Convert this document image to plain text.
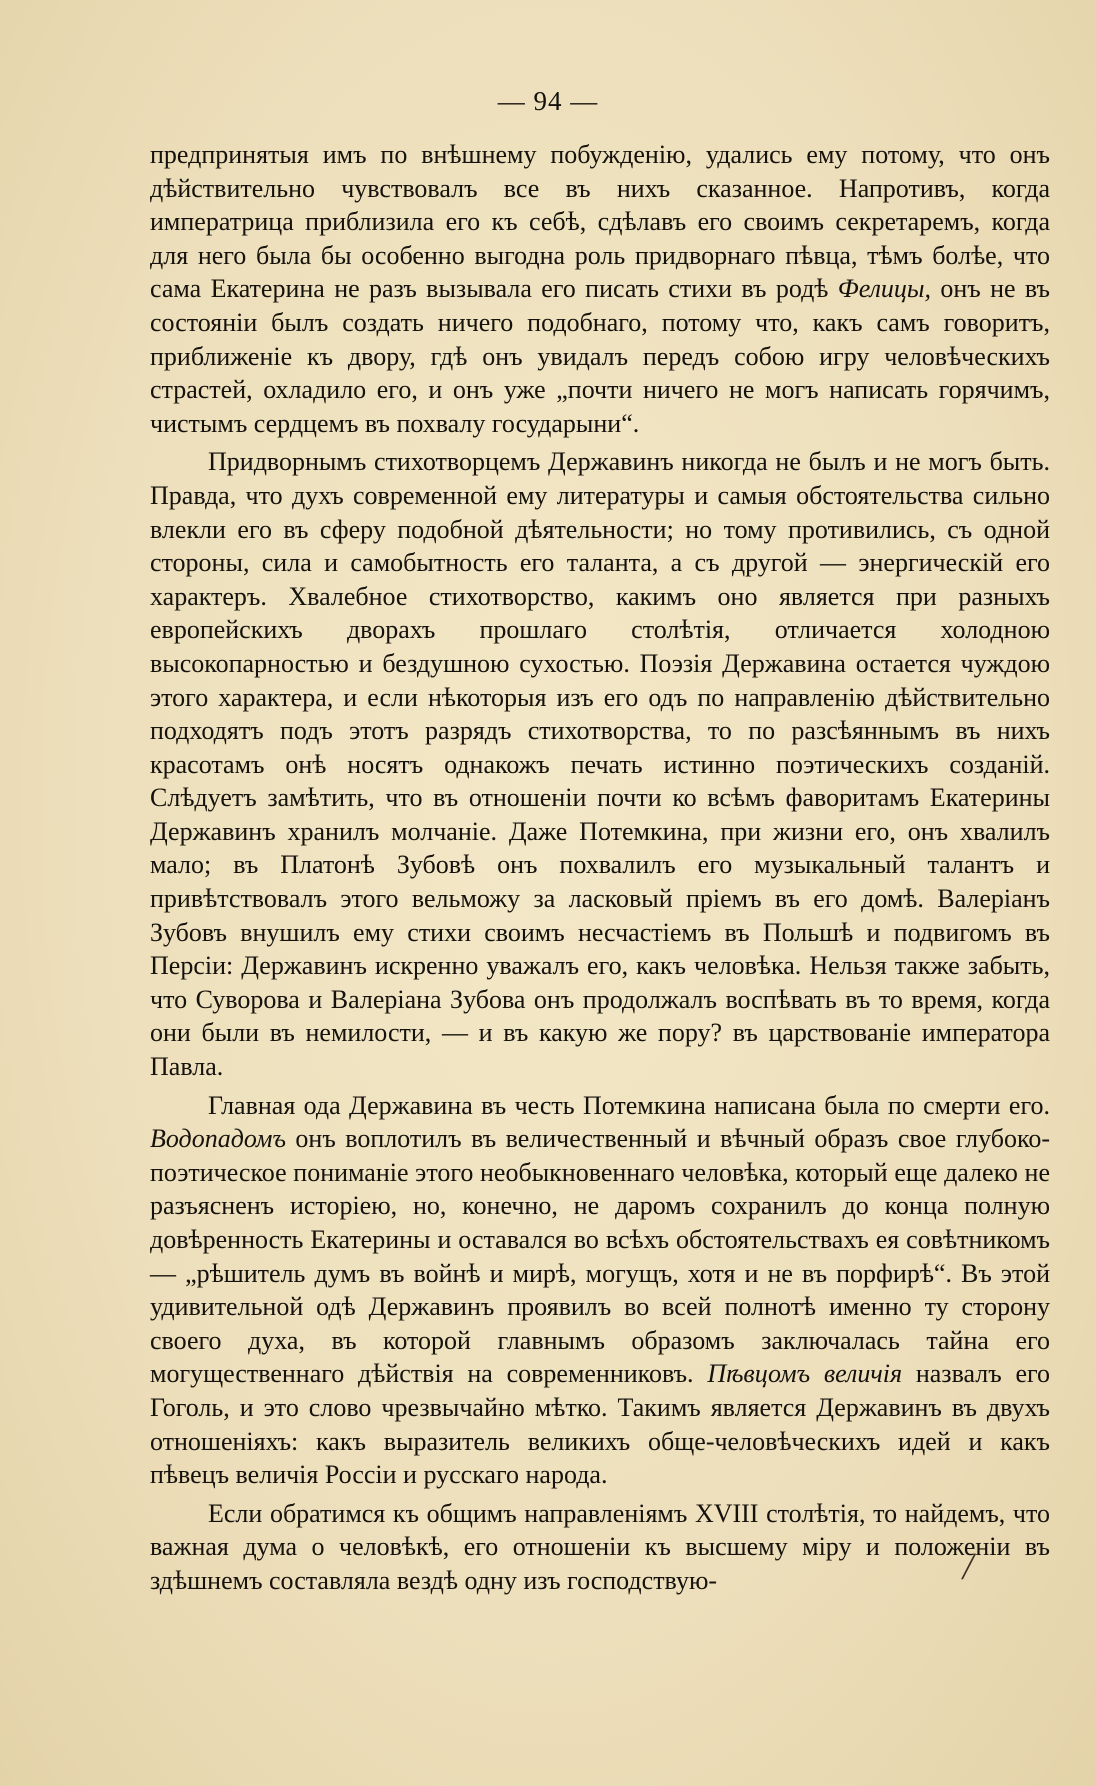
— 94 —

предпринятыя имъ по внѣшнему побужденію, удались ему потому, что онъ дѣйствительно чувствовалъ все въ нихъ сказанное. Напротивъ, когда императрица приблизила его къ себѣ, сдѣлавъ его своимъ секретаремъ, когда для него была бы особенно выгодна роль придворнаго пѣвца, тѣмъ болѣе, что сама Екатерина не разъ вызывала его писать стихи въ родѣ Фелицы, онъ не въ состояніи былъ создать ничего подобнаго, потому что, какъ самъ говоритъ, приближеніе къ двору, гдѣ онъ увидалъ передъ собою игру человѣческихъ страстей, охладило его, и онъ уже „почти ничего не могъ написать горячимъ, чистымъ сердцемъ въ похвалу государыни“.

Придворнымъ стихотворцемъ Державинъ никогда не былъ и не могъ быть. Правда, что духъ современной ему литературы и самыя обстоятельства сильно влекли его въ сферу подобной дѣятельности; но тому противились, съ одной стороны, сила и самобытность его таланта, а съ другой — энергическій его характеръ. Хвалебное стихотворство, какимъ оно является при разныхъ европейскихъ дворахъ прошлаго столѣтія, отличается холодною высокопарностью и бездушною сухостью. Поэзія Державина остается чуждою этого характера, и если нѣкоторыя изъ его одъ по направленію дѣйствительно подходятъ подъ этотъ разрядъ стихотворства, то по разсѣяннымъ въ нихъ красотамъ онѣ носятъ однакожъ печать истинно поэтическихъ созданій. Слѣдуетъ замѣтить, что въ отношеніи почти ко всѣмъ фаворитамъ Екатерины Державинъ хранилъ молчаніе. Даже Потемкина, при жизни его, онъ хвалилъ мало; въ Платонѣ Зубовѣ онъ похвалилъ его музыкальный талантъ и привѣтствовалъ этого вельможу за ласковый пріемъ въ его домѣ. Валеріанъ Зубовъ внушилъ ему стихи своимъ несчастіемъ въ Польшѣ и подвигомъ въ Персіи: Державинъ искренно уважалъ его, какъ человѣка. Нельзя также забыть, что Суворова и Валеріана Зубова онъ продолжалъ воспѣвать въ то время, когда они были въ немилости, — и въ какую же пору? въ царствованіе императора Павла.

Главная ода Державина въ честь Потемкина написана была по смерти его. Водопадомъ онъ воплотилъ въ величественный и вѣчный образъ свое глубоко-поэтическое пониманіе этого необыкновеннаго человѣка, который еще далеко не разъясненъ исторіею, но, конечно, не даромъ сохранилъ до конца полную довѣренность Екатерины и оставался во всѣхъ обстоятельствахъ ея совѣтникомъ — „рѣшитель думъ въ войнѣ и мирѣ, могущъ, хотя и не въ порфирѣ“. Въ этой удивительной одѣ Державинъ проявилъ во всей полнотѣ именно ту сторону своего духа, въ которой главнымъ образомъ заключалась тайна его могущественнаго дѣйствія на современниковъ. Пѣвцомъ величія назвалъ его Гоголь, и это слово чрезвычайно мѣтко. Такимъ является Державинъ въ двухъ отношеніяхъ: какъ выразитель великихъ обще-человѣческихъ идей и какъ пѣвецъ величія Россіи и русскаго народа.

Если обратимся къ общимъ направленіямъ XVIII столѣтія, то найдемъ, что важная дума о человѣкѣ, его отношеніи къ высшему міру и положеніи въ здѣшнемъ составляла вездѣ одну изъ господствую-	╱
